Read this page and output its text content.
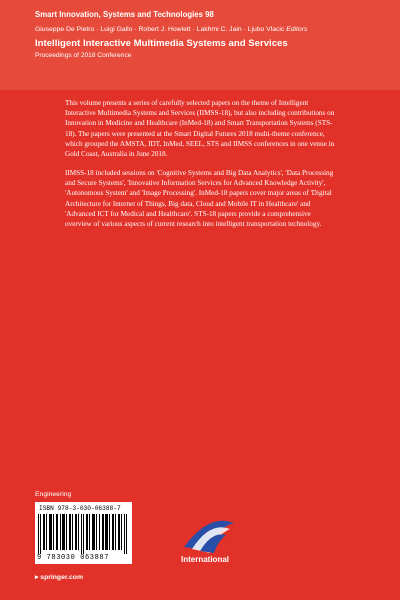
Smart Innovation, Systems and Technologies 98
Giuseppe De Pietro · Luigi Gallo · Robert J. Howlett · Lakhmi C. Jain · Ljubo Vlacic Editors
Intelligent Interactive Multimedia Systems and Services
Proceedings of 2018 Conference

This volume presents a series of carefully selected papers on the theme of Intelligent Interactive Multimedia Systems and Services (IIMSS-18), but also including contributions on Innovation in Medicine and Healthcare (InMed-18) and Smart Transportation Systems (STS-18). The papers were presented at the Smart Digital Futures 2018 multi-theme conference, which grouped the AMSTA, IDT, InMed, SEEL, STS and IIMSS conferences in one venue in Gold Coast, Australia in June 2018.

IIMSS-18 included sessions on 'Cognitive Systems and Big Data Analytics', 'Data Processing and Secure Systems', 'Innovative Information Services for Advanced Knowledge Activity', 'Autonomous System' and 'Image Processing'. InMed-18 papers cover major areas of 'Digital Architecture for Internet of Things, Big data, Cloud and Mobile IT in Healthcare' and 'Advanced ICT for Medical and Healthcare'. STS-18 papers provide a comprehensive overview of various aspects of current research into intelligent transportation technology.

Engineering
ISBN 978-3-030-06388-7
9 783030 063887	International
▸ springer.com
